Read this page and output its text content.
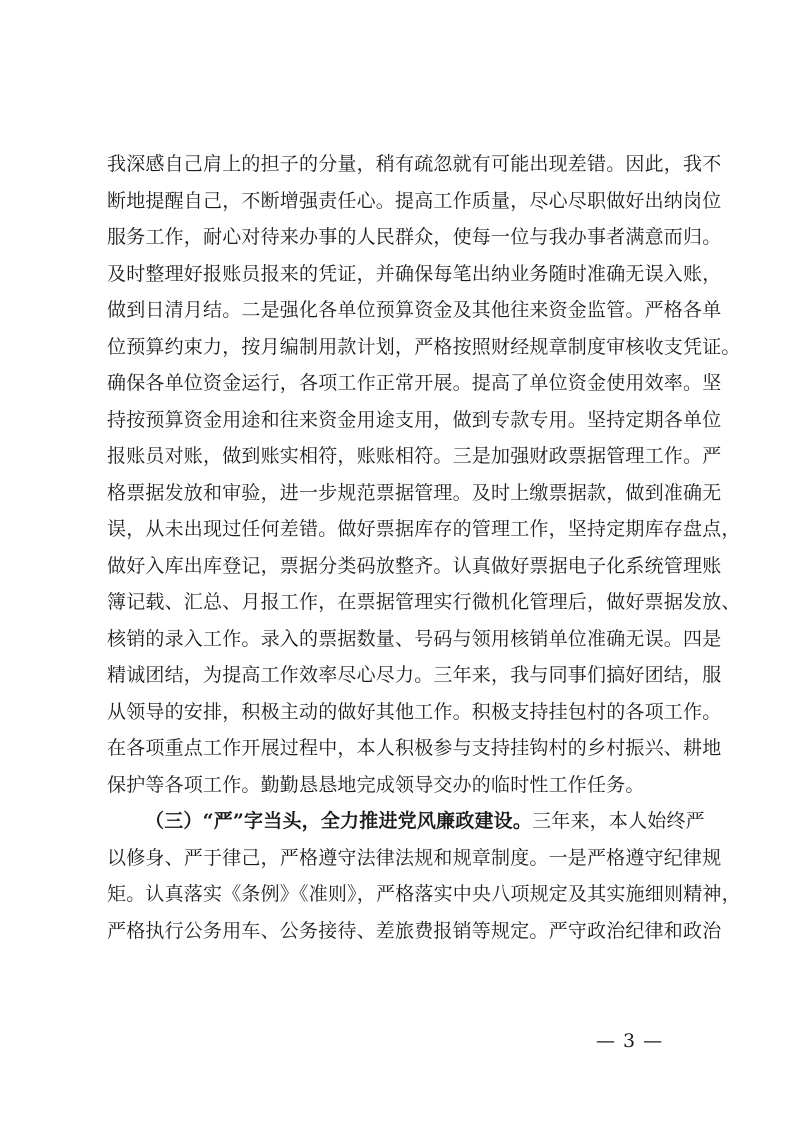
我深感自己肩上的担子的分量，稍有疏忽就有可能出现差错。因此，我不
断地提醒自己，不断增强责任心。提高工作质量，尽心尽职做好出纳岗位
服务工作，耐心对待来办事的人民群众，使每一位与我办事者满意而归。
及时整理好报账员报来的凭证，并确保每笔出纳业务随时准确无误入账，
做到日清月结。二是强化各单位预算资金及其他往来资金监管。严格各单
位预算约束力，按月编制用款计划，严格按照财经规章制度审核收支凭证。
确保各单位资金运行，各项工作正常开展。提高了单位资金使用效率。坚
持按预算资金用途和往来资金用途支用，做到专款专用。坚持定期各单位
报账员对账，做到账实相符，账账相符。三是加强财政票据管理工作。严
格票据发放和审验，进一步规范票据管理。及时上缴票据款，做到准确无
误，从未出现过任何差错。做好票据库存的管理工作，坚持定期库存盘点，
做好入库出库登记，票据分类码放整齐。认真做好票据电子化系统管理账
簿记载、汇总、月报工作，在票据管理实行微机化管理后，做好票据发放、
核销的录入工作。录入的票据数量、号码与领用核销单位准确无误。四是
精诚团结，为提高工作效率尽心尽力。三年来，我与同事们搞好团结，服
从领导的安排，积极主动的做好其他工作。积极支持挂包村的各项工作。
在各项重点工作开展过程中，本人积极参与支持挂钩村的乡村振兴、耕地
保护等各项工作。勤勤恳恳地完成领导交办的临时性工作任务。
（三）“严”字当头，全力推进党风廉政建设。三年来，本人始终严
以修身、严于律己，严格遵守法律法规和规章制度。一是严格遵守纪律规
矩。认真落实《条例》《准则》，严格落实中央八项规定及其实施细则精神，
严格执行公务用车、公务接待、差旅费报销等规定。严守政治纪律和政治
— 3 —
